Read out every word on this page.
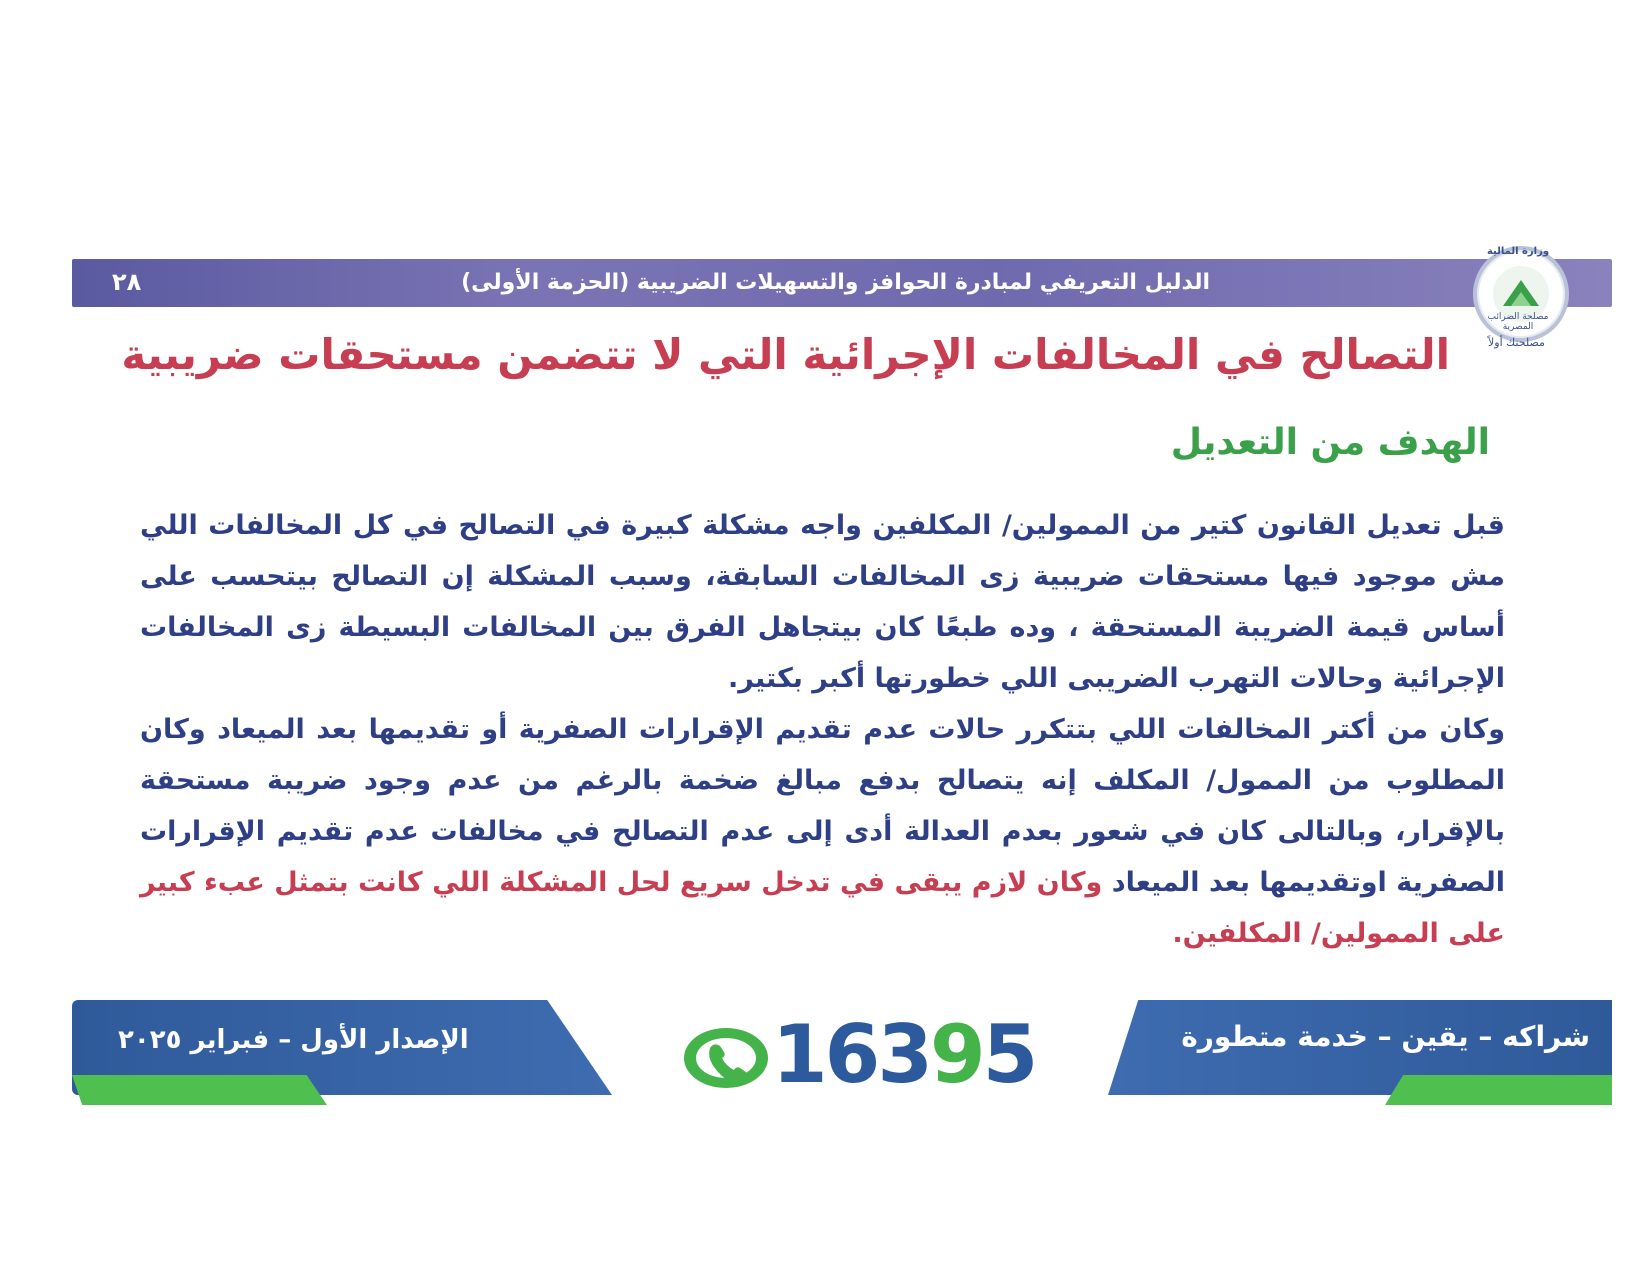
الدليل التعريفي لمبادرة الحوافز والتسهيلات الضريبية (الحزمة الأولى)
٢٨
وزارة المالية
مصلحة الضرائب المصرية
مصلحتك أولاً
التصالح في المخالفات الإجرائية التي لا تتضمن مستحقات ضريبية
الهدف من التعديل

قبل تعديل القانون كتير من الممولين/ المكلفين واجه مشكلة كبيرة في التصالح في كل المخالفات اللي مش موجود فيها مستحقات ضريبية زى المخالفات السابقة، وسبب المشكلة إن التصالح بيتحسب على أساس قيمة الضريبة المستحقة ، وده طبعًا كان بيتجاهل الفرق بين المخالفات البسيطة زى المخالفات الإجرائية وحالات التهرب الضريبى اللي خطورتها أكبر بكتير.

وكان من أكتر المخالفات اللي بتتكرر حالات عدم تقديم الإقرارات الصفرية أو تقديمها بعد الميعاد وكان المطلوب من الممول/ المكلف إنه يتصالح بدفع مبالغ ضخمة بالرغم من عدم وجود ضريبة مستحقة بالإقرار، وبالتالى كان في شعور بعدم العدالة أدى إلى عدم التصالح في مخالفات عدم تقديم الإقرارات الصفرية اوتقديمها بعد الميعاد وكان لازم يبقى في تدخل سريع لحل المشكلة اللي كانت بتمثل عبء كبير على الممولين/ المكلفين.

الإصدار الأول – فبراير ٢٠٢٥	شراكه – يقين – خدمة متطورة
16395
